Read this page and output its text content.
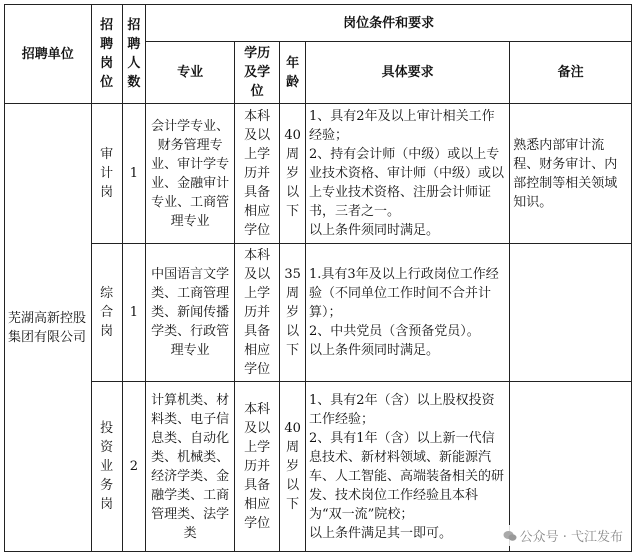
招聘单位	招聘岗位	招聘人数	岗位条件和要求				
			专业	学历及学位	年龄	具体要求	备注
芜湖高新控股集团有限公司	审计岗	1	会计学专业、财务管理专业、审计学专业、金融审计专业、工商管理专业	本科及以上学历并具备相应学位	40周岁以下	1、具有2年及以上审计相关工作经验；
2、持有会计师（中级）或以上专业技术资格、审计师（中级）或以上专业技术资格、注册会计师证书，三者之一。
以上条件须同时满足。	熟悉内部审计流程、财务审计、内部控制等相关领域知识。
	综合岗	1	中国语言文学类、工商管理类、新闻传播学类、行政管理专业	本科及以上学历并具备相应学位	35周岁以下	1.具有3年及以上行政岗位工作经验（不同单位工作时间不合并计算）；
2、中共党员（含预备党员）。
以上条件须同时满足。	

	投资业务岗	2	计算机类、材料类、电子信息类、自动化类、机械类、经济学类、金融学类、工商管理类、法学类	本科及以上学历并具备相应学位	40周岁以下	1、具有2年（含）以上股权投资工作经验；
2、具有1年（含）以上新一代信息技术、新材料领域、新能源汽车、人工智能、高端装备相关的研发、技术岗位工作经验且本科为“双一流”院校；
以上条件满足其一即可。	
		公众号 · 弋江发布
